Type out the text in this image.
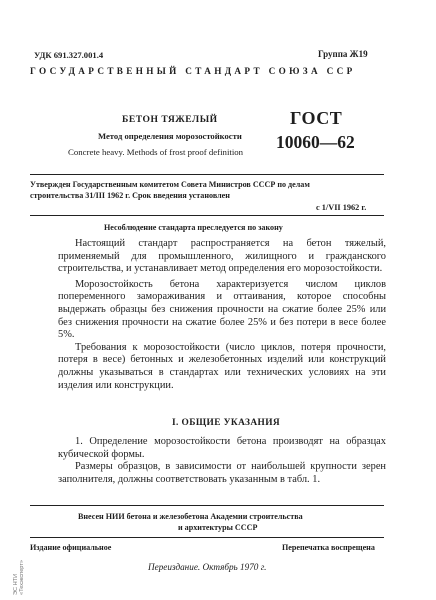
УДК 691.327.001.4	Группа Ж19
ГОСУДАРСТВЕННЫЙ СТАНДАРТ СОЮЗА ССР
БЕТОН ТЯЖЕЛЫЙ
Метод определения морозостойкости
Concrete heavy. Methods of frost proof definition
ГОСТ
10060—62
Утвержден Государственным комитетом Совета Министров СССР по делам
строительства 31/III 1962 г. Срок введения установлен
с 1/VII 1962 г.
Несоблюдение стандарта преследуется по закону

Настоящий стандарт распространяется на бетон тяжелый, применяемый для промышленного, жилищного и гражданского строительства, и устанавливает метод определения его морозостойкости.

Морозостойкость бетона характеризуется числом циклов попеременного замораживания и оттаивания, которое способны выдержать образцы без снижения прочности на сжатие более 25% или без снижения прочности на сжатие более 25% и без потери в весе более 5%.

Требования к морозостойкости (число циклов, потеря прочности, потеря в весе) бетонных и железобетонных изделий или конструкций должны указываться в стандартах или технических условиях на эти изделия или конструкции.

I. ОБЩИЕ УКАЗАНИЯ

1. Определение морозостойкости бетона производят на образцах кубической формы.

Размеры образцов, в зависимости от наибольшей крупности зерен заполнителя, должны соответствовать указанным в табл. 1.

Внесен НИИ бетона и железобетона Академии строительства
и архитектуры СССР
Издание официальное	Перепечатка воспрещена
Переиздание. Октябрь 1970 г.
ЭС НТИ «Техэксперт»
